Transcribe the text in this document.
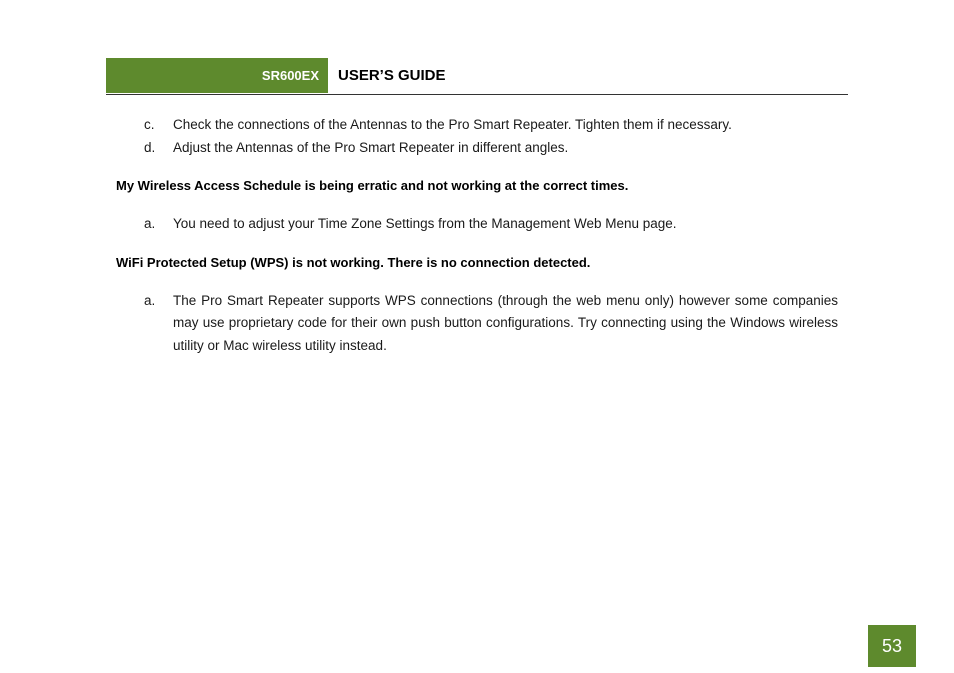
SR600EX	USER’S GUIDE
c. Check the connections of the Antennas to the Pro Smart Repeater. Tighten them if necessary.
d. Adjust the Antennas of the Pro Smart Repeater in different angles.
My Wireless Access Schedule is being erratic and not working at the correct times.
a. You need to adjust your Time Zone Settings from the Management Web Menu page.
WiFi Protected Setup (WPS) is not working. There is no connection detected.
a. The Pro Smart Repeater supports WPS connections (through the web menu only) however some companies may use proprietary code for their own push button configurations. Try connecting using the Windows wireless utility or Mac wireless utility instead.
53
